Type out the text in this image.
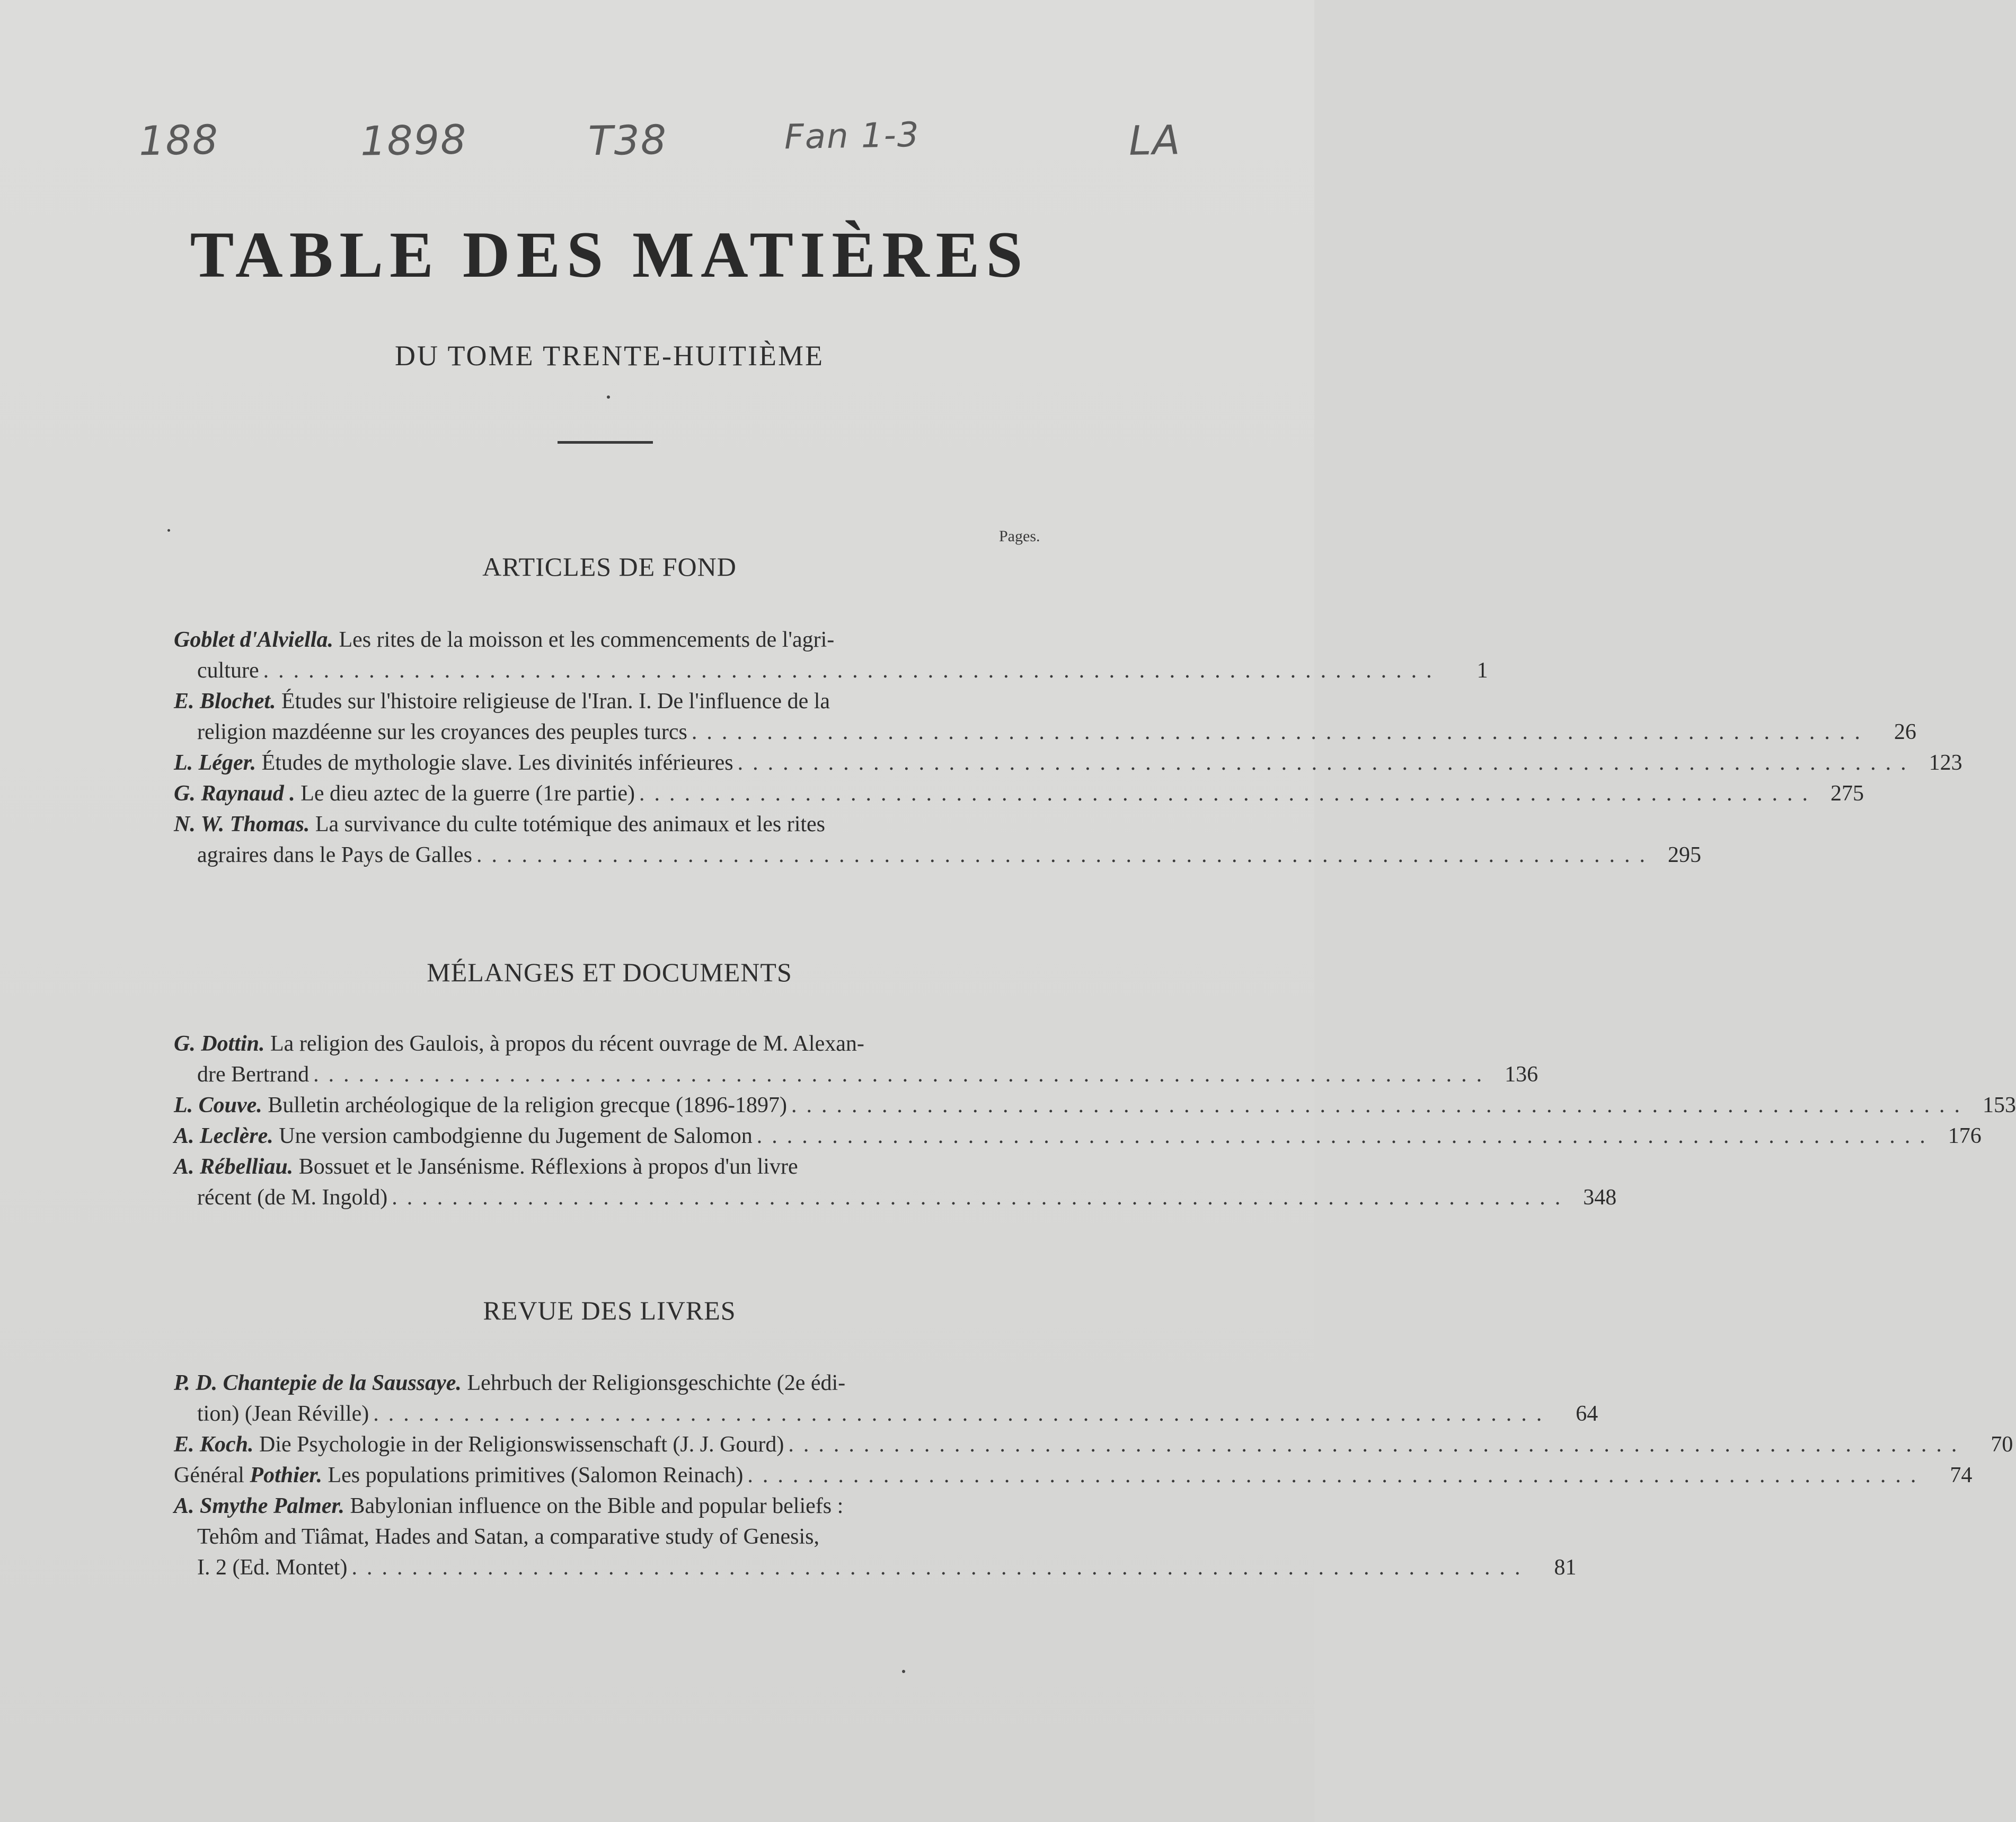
188	1898	T38	Fan 1-3	LA
TABLE DES MATIÈRES
DU TOME TRENTE-HUITIÈME
Pages.
ARTICLES DE FOND
Goblet d'Alviella. Les rites de la moisson et les commencements de l'agri-
culture ..............................................................................	1
E. Blochet. Études sur l'histoire religieuse de l'Iran. I. De l'influence de la
religion mazdéenne sur les croyances des peuples turcs ..............................................................................	26
L. Léger. Études de mythologie slave. Les divinités inférieures .............................................................................. 123
G. Raynaud . Le dieu aztec de la guerre (1re partie) .............................................................................. 275
N. W. Thomas. La survivance du culte totémique des animaux et les rites
agraires dans le Pays de Galles .............................................................................. 295
MÉLANGES ET DOCUMENTS
G. Dottin. La religion des Gaulois, à propos du récent ouvrage de M. Alexan-
dre Bertrand .............................................................................. 136
L. Couve. Bulletin archéologique de la religion grecque (1896-1897) .............................................................................. 153
A. Leclère. Une version cambodgienne du Jugement de Salomon .............................................................................. 176
A. Rébelliau. Bossuet et le Jansénisme. Réflexions à propos d'un livre
récent (de M. Ingold) .............................................................................. 348
REVUE DES LIVRES
P. D. Chantepie de la Saussaye. Lehrbuch der Religionsgeschichte (2e édi-
tion) (Jean Réville) ..............................................................................	64
E. Koch. Die Psychologie in der Religionswissenschaft (J. J. Gourd) ..............................................................................	70
Général Pothier. Les populations primitives (Salomon Reinach) ..............................................................................	74
A. Smythe Palmer. Babylonian influence on the Bible and popular beliefs :
Tehôm and Tiâmat, Hades and Satan, a comparative study of Genesis,
I. 2 (Ed. Montet) ..............................................................................	81
